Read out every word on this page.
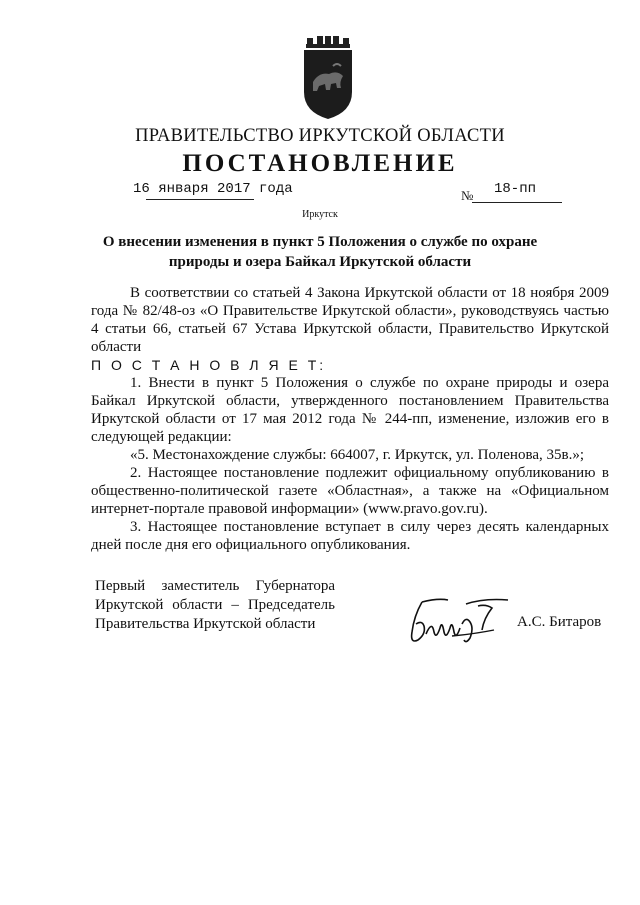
ПРАВИТЕЛЬСТВО ИРКУТСКОЙ ОБЛАСТИ
ПОСТАНОВЛЕНИЕ
16 января 2017 года	№ 18-пп
Иркутск
О внесении изменения в пункт 5 Положения о службе по охране природы и озера Байкал Иркутской области

В соответствии со статьей 4 Закона Иркутской области от 18 ноября 2009 года № 82/48-оз «О Правительстве Иркутской области», руководствуясь частью 4 статьи 66, статьей 67 Устава Иркутской области, Правительство Иркутской области

П О С Т А Н О В Л Я Е Т:

1. Внести в пункт 5 Положения о службе по охране природы и озера Байкал Иркутской области, утвержденного постановлением Правительства Иркутской области от 17 мая 2012 года № 244-пп, изменение, изложив его в следующей редакции:

«5. Местонахождение службы: 664007, г. Иркутск, ул. Поленова, 35в.»;

2. Настоящее постановление подлежит официальному опубликованию в общественно-политической газете «Областная», а также на «Официальном интернет-портале правовой информации» (www.pravo.gov.ru).

3. Настоящее постановление вступает в силу через десять календарных дней после дня его официального опубликования.

Первый заместитель Губернатора
Иркутской области – Председатель
Правительства Иркутской области	А.С. Битаров
